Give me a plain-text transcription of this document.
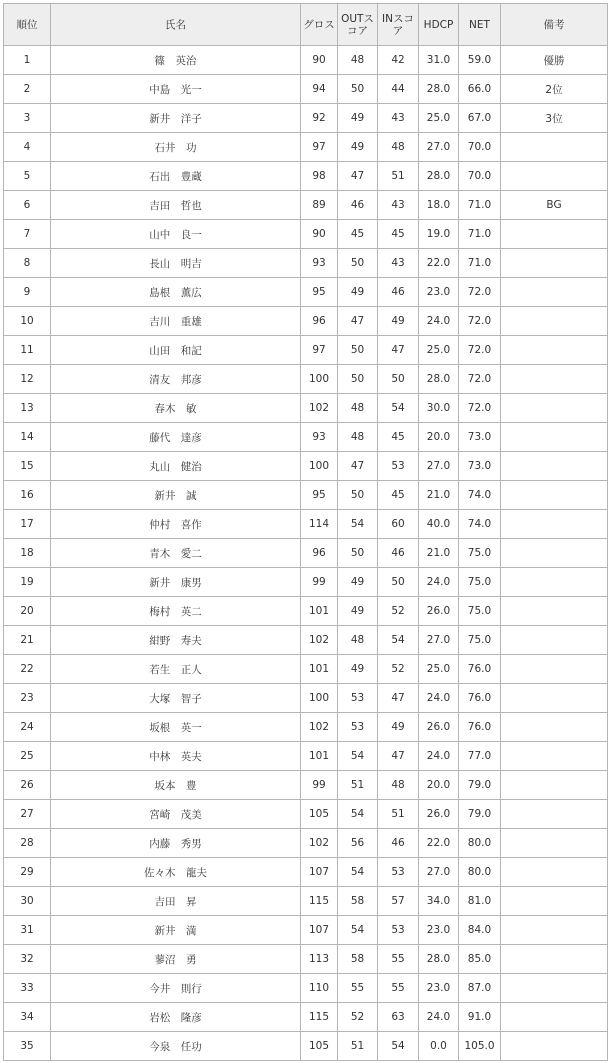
順位	氏名	グロス	OUTスコア	INスコア	HDCP	NET	備考
1	篠　英治	90	48	42	31.0	59.0	優勝
2	中島　光一	94	50	44	28.0	66.0	2位
3	新井　洋子	92	49	43	25.0	67.0	3位
4	石井　功	97	49	48	27.0	70.0	
5	石出　豊蔵	98	47	51	28.0	70.0	
6	吉田　哲也	89	46	43	18.0	71.0	BG
7	山中　良一	90	45	45	19.0	71.0	
8	長山　明吉	93	50	43	22.0	71.0	
9	島根　薫広	95	49	46	23.0	72.0	
10	吉川　重雄	96	47	49	24.0	72.0	
11	山田　和記	97	50	47	25.0	72.0	
12	清友　邦彦	100	50	50	28.0	72.0	
13	春木　敏	102	48	54	30.0	72.0	
14	藤代　達彦	93	48	45	20.0	73.0	
15	丸山　健治	100	47	53	27.0	73.0	
16	新井　誠	95	50	45	21.0	74.0	
17	仲村　喜作	114	54	60	40.0	74.0	
18	青木　愛二	96	50	46	21.0	75.0	
19	新井　康男	99	49	50	24.0	75.0	
20	梅村　英二	101	49	52	26.0	75.0	
21	紺野　寿夫	102	48	54	27.0	75.0	
22	若生　正人	101	49	52	25.0	76.0	
23	大塚　智子	100	53	47	24.0	76.0	
24	坂根　英一	102	53	49	26.0	76.0	
25	中林　英夫	101	54	47	24.0	77.0	
26	坂本　豊	99	51	48	20.0	79.0	
27	宮崎　茂美	105	54	51	26.0	79.0	
28	内藤　秀男	102	56	46	22.0	80.0	
29	佐々木　龍夫	107	54	53	27.0	80.0	
30	吉田　昇	115	58	57	34.0	81.0	
31	新井　満	107	54	53	23.0	84.0	
32	蓼沼　勇	113	58	55	28.0	85.0	
33	今井　則行	110	55	55	23.0	87.0	
34	岩松　隆彦	115	52	63	24.0	91.0	
35	今泉　任功	105	51	54	0.0	105.0	
